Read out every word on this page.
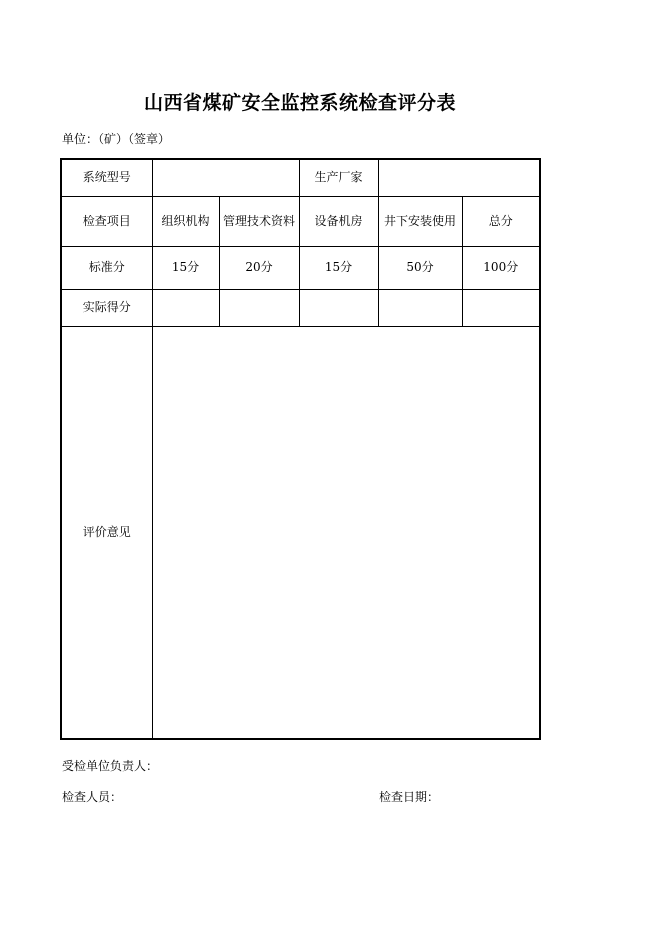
山西省煤矿安全监控系统检查评分表
单位：（矿）（签章）
系统型号			生产厂家		
检查项目	组织机构	管理技术资料	设备机房	井下安装使用	总分
标准分	15分	20分	15分	50分	100分
实际得分					
评价意见					
受检单位负责人：
检查人员：	检查日期：
